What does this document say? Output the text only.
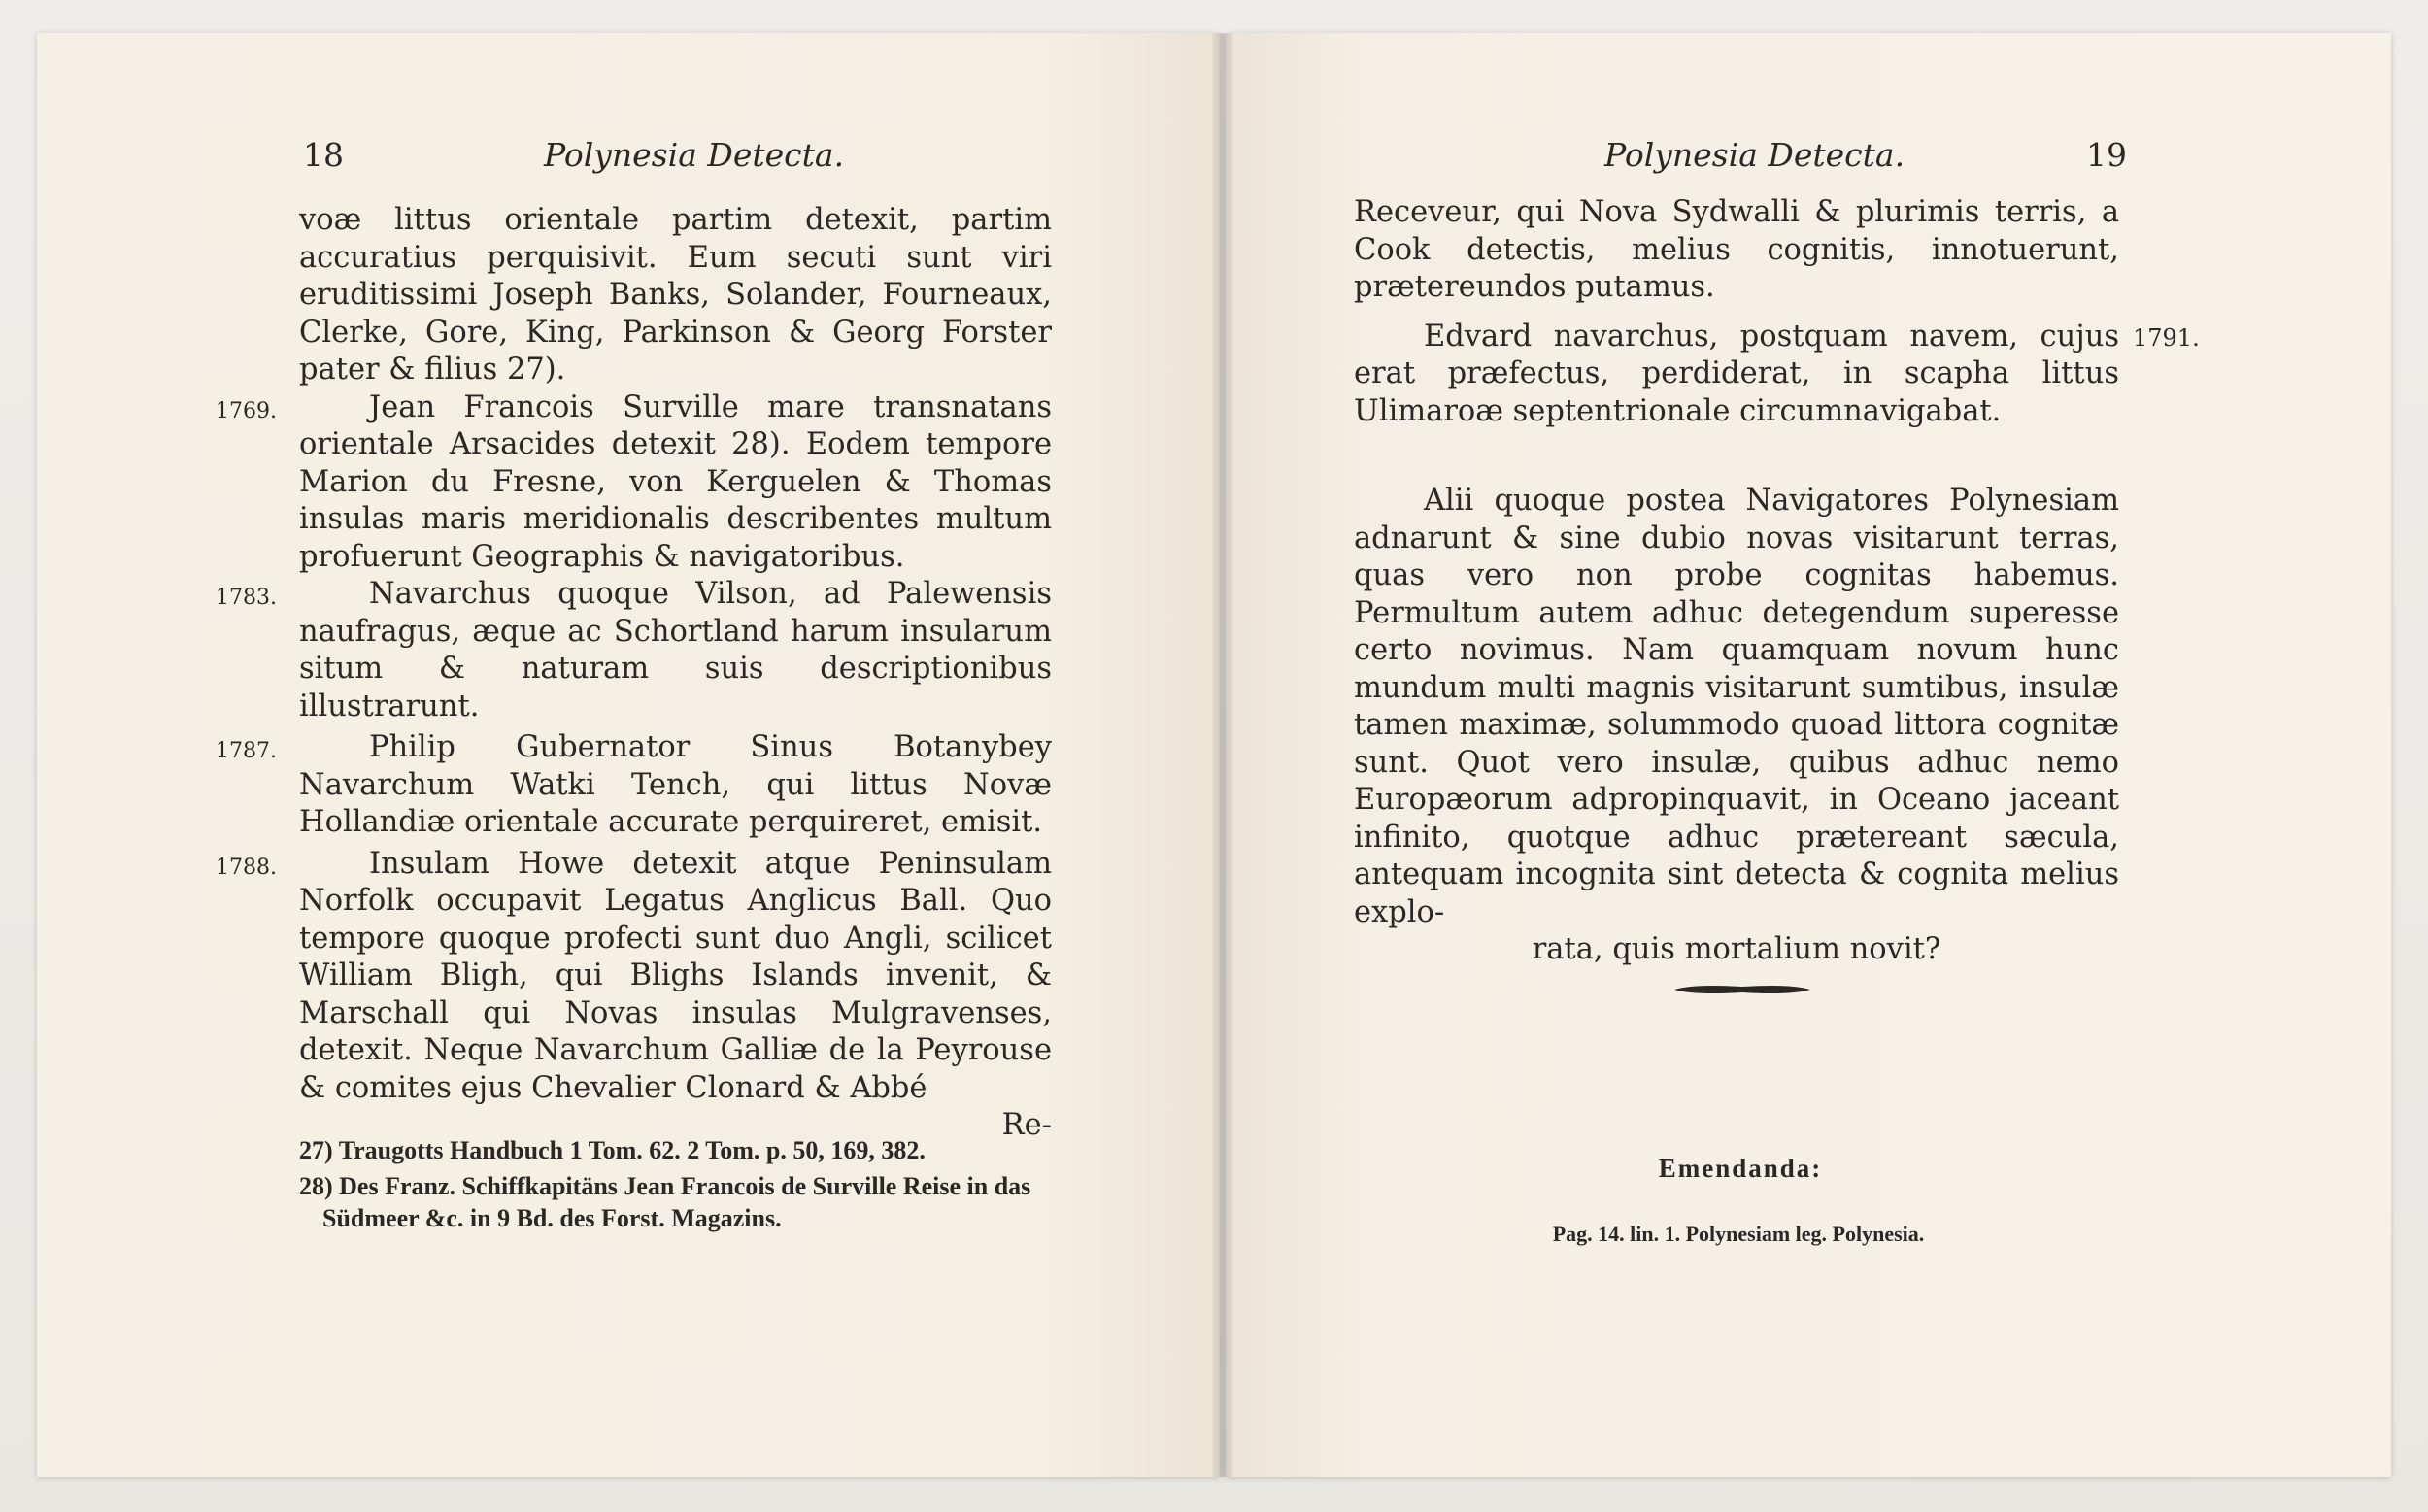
18	Polynesia Detecta.

voæ littus orientale partim detexit, partim accuratius perquisivit. Eum secuti sunt viri eruditissimi Joseph Banks, Solander, Fourneaux, Clerke, Gore, King, Parkinson & Georg Forster pater & filius 27).

1769.	Jean Francois Surville mare transnatans orientale Arsacides detexit 28). Eodem tempore Marion du Fresne, von Kerguelen & Thomas insulas maris meridionalis describentes multum profuerunt Geographis & navigatoribus.

1783.	Navarchus quoque Vilson, ad Palewensis naufragus, æque ac Schortland harum insularum situm & naturam suis descriptionibus illustrarunt.

1787.	Philip Gubernator Sinus Botanybey Navarchum Watki Tench, qui littus Novæ Hollandiæ orientale accurate perquireret, emisit.

1788.	Insulam Howe detexit atque Peninsulam Norfolk occupavit Legatus Anglicus Ball. Quo tempore quoque profecti sunt duo Angli, scilicet William Bligh, qui Blighs Islands invenit, & Marschall qui Novas insulas Mulgravenses, detexit. Neque Navarchum Galliæ de la Peyrouse & comites ejus Chevalier Clonard & Abbé

Re-

27) Traugotts Handbuch 1 Tom. 62. 2 Tom. p. 50, 169, 382.

28) Des Franz. Schiffkapitäns Jean Francois de Surville Reise in das Südmeer &c. in 9 Bd. des Forst. Magazins.

Polynesia Detecta.	19
1791.

Receveur, qui Nova Sydwalli & plurimis terris, a Cook detectis, melius cognitis, innotuerunt, prætereundos putamus.

Edvard navarchus, postquam navem, cujus erat præfectus, perdiderat, in scapha littus Ulimaroæ septentrionale circumnavigabat.

Alii quoque postea Navigatores Polynesiam adnarunt & sine dubio novas visitarunt terras, quas vero non probe cognitas habemus. Permultum autem adhuc detegendum superesse certo novimus. Nam quamquam novum hunc mundum multi magnis visitarunt sumtibus, insulæ tamen maximæ, solummodo quoad littora cognitæ sunt. Quot vero insulæ, quibus adhuc nemo Europæorum adpropinquavit, in Oceano jaceant infinito, quotque adhuc prætereant sæcula, antequam incognita sint detecta & cognita melius explo-

rata, quis mortalium novit?

Emendanda:
Pag. 14. lin. 1. Polynesiam leg. Polynesia.
